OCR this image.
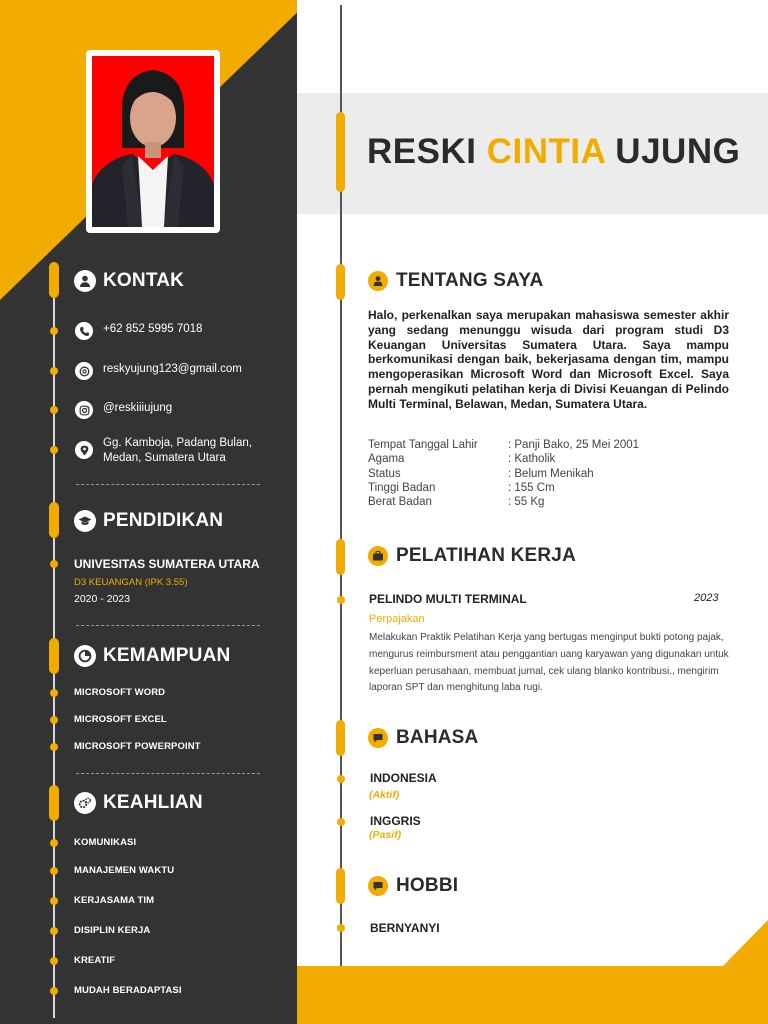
KONTAK
+62 852 5995 7018
reskyujung123@gmail.com
@reskiiiujung
Gg. Kamboja, Padang Bulan,
Medan, Sumatera Utara
PENDIDIKAN
UNIVESITAS SUMATERA UTARA
D3 KEUANGAN (IPK 3.55)
2020 - 2023
KEMAMPUAN
MICROSOFT WORD
MICROSOFT EXCEL
MICROSOFT POWERPOINT
KEAHLIAN
KOMUNIKASI
MANAJEMEN WAKTU
KERJASAMA TIM
DISIPLIN KERJA
KREATIF
MUDAH BERADAPTASI
RESKI CINTIA UJUNG
TENTANG SAYA
Halo, perkenalkan saya merupakan mahasiswa semester akhir yang sedang menunggu wisuda dari program studi D3 Keuangan Universitas Sumatera Utara. Saya mampu berkomunikasi dengan baik, bekerjasama dengan tim, mampu mengoperasikan Microsoft Word dan Microsoft Excel. Saya pernah mengikuti pelatihan kerja di Divisi Keuangan di Pelindo Multi Terminal, Belawan, Medan, Sumatera Utara.
Tempat Tanggal Lahir	: Panji Bako, 25 Mei 2001
Agama	: Katholik
Status	: Belum Menikah
Tinggi Badan	: 155 Cm
Berat Badan	: 55 Kg
PELATIHAN KERJA
PELINDO MULTI TERMINAL	2023
Perpajakan
Melakukan Praktik Pelatihan Kerja yang bertugas menginput bukti potong pajak, mengurus reimbursment atau penggantian uang karyawan yang digunakan untuk keperluan perusahaan, membuat jurnal, cek ulang blanko kontribusi., mengirim laporan SPT dan menghitung laba rugi.
BAHASA
INDONESIA
(Aktif)
INGGRIS
(Pasif)
HOBBI
BERNYANYI
